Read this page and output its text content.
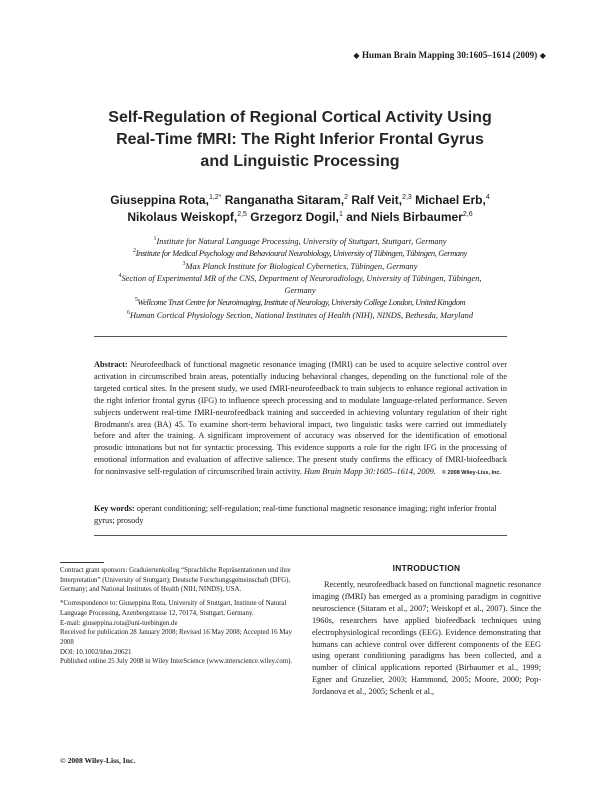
◆ Human Brain Mapping 30:1605–1614 (2009) ◆
Self-Regulation of Regional Cortical Activity Using
Real-Time fMRI: The Right Inferior Frontal Gyrus
and Linguistic Processing
Giuseppina Rota,$^{1,2*}$ Ranganatha Sitaram,$^2$ Ralf Veit,$^{2,3}$ Michael Erb,$^4$
Nikolaus Weiskopf,$^{2,5}$ Grzegorz Dogil,$^1$ and Niels Birbaumer$^{2,6}$
$^1$Institute for Natural Language Processing, University of Stuttgart, Stuttgart, Germany
$^2$Institute for Medical Psychology and Behavioural Neurobiology, University of Tübingen, Tübingen, Germany
$^3$Max Planck Institute for Biological Cybernetics, Tübingen, Germany
$^4$Section of Experimental MR of the CNS, Department of Neuroradiology, University of Tübingen, Tübingen, Germany
$^5$Wellcome Trust Centre for Neuroimaging, Institute of Neurology, University College London, United Kingdom
$^6$Human Cortical Physiology Section, National Institutes of Health (NIH), NINDS, Bethesda, Maryland
Abstract: Neurofeedback of functional magnetic resonance imaging (fMRI) can be used to acquire selective control over activation in circumscribed brain areas, potentially inducing behavioral changes, depending on the functional role of the targeted cortical sites. In the present study, we used fMRI-neurofeedback to train subjects to enhance regional activation in the right inferior frontal gyrus (IFG) to influence speech processing and to modulate language-related performance. Seven subjects underwent real-time fMRI-neurofeedback training and succeeded in achieving voluntary regulation of their right Brodmann's area (BA) 45. To examine short-term behavioral impact, two linguistic tasks were carried out immediately before and after the training. A significant improvement of accuracy was observed for the identification of emotional prosodic intonations but not for syntactic processing. This evidence supports a role for the right IFG in the processing of emotional information and evaluation of affective salience. The present study confirms the efficacy of fMRI-biofeedback for noninvasive self-regulation of circumscribed brain activity. Hum Brain Mapp 30:1605–1614, 2009. © 2008 Wiley-Liss, Inc.
Key words: operant conditioning; self-regulation; real-time functional magnetic resonance imaging; right inferior frontal gyrus; prosody

Contract grant sponsors: Graduiertenkolleg “Sprachliche Repräsentationen und ihre Interpretation” (University of Stuttgart); Deutsche Forschungsgemeinschaft (DFG), Germany; and National Institutes of Health (NIH, NINDS), USA.

*Correspondence to: Giuseppina Rota, University of Stuttgart, Institute of Natural Language Processing, Azenbergstrasse 12, 70174, Stuttgart, Germany.

E-mail: giuseppina.rota@uni-tuebingen.de

Received for publication 28 January 2008; Revised 16 May 2008; Accepted 16 May 2008

DOI: 10.1002/hbm.20621

Published online 25 July 2008 in Wiley InterScience (www.interscience.wiley.com).

© 2008 Wiley-Liss, Inc.
INTRODUCTION
Recently, neurofeedback based on functional magnetic resonance imaging (fMRI) has emerged as a promising paradigm in cognitive neuroscience (Sitaram et al., 2007; Weiskopf et al., 2007). Since the 1960s, researchers have applied biofeedback techniques using electrophysiological recordings (EEG). Evidence demonstrating that humans can achieve control over different components of the EEG using operant conditioning paradigms has been collected, and a number of clinical applications reported (Birbaumer et al., 1999; Egner and Gruzelier, 2003; Hammond, 2005; Moore, 2000; Pop-Jordanova et al., 2005; Schenk et al.,
